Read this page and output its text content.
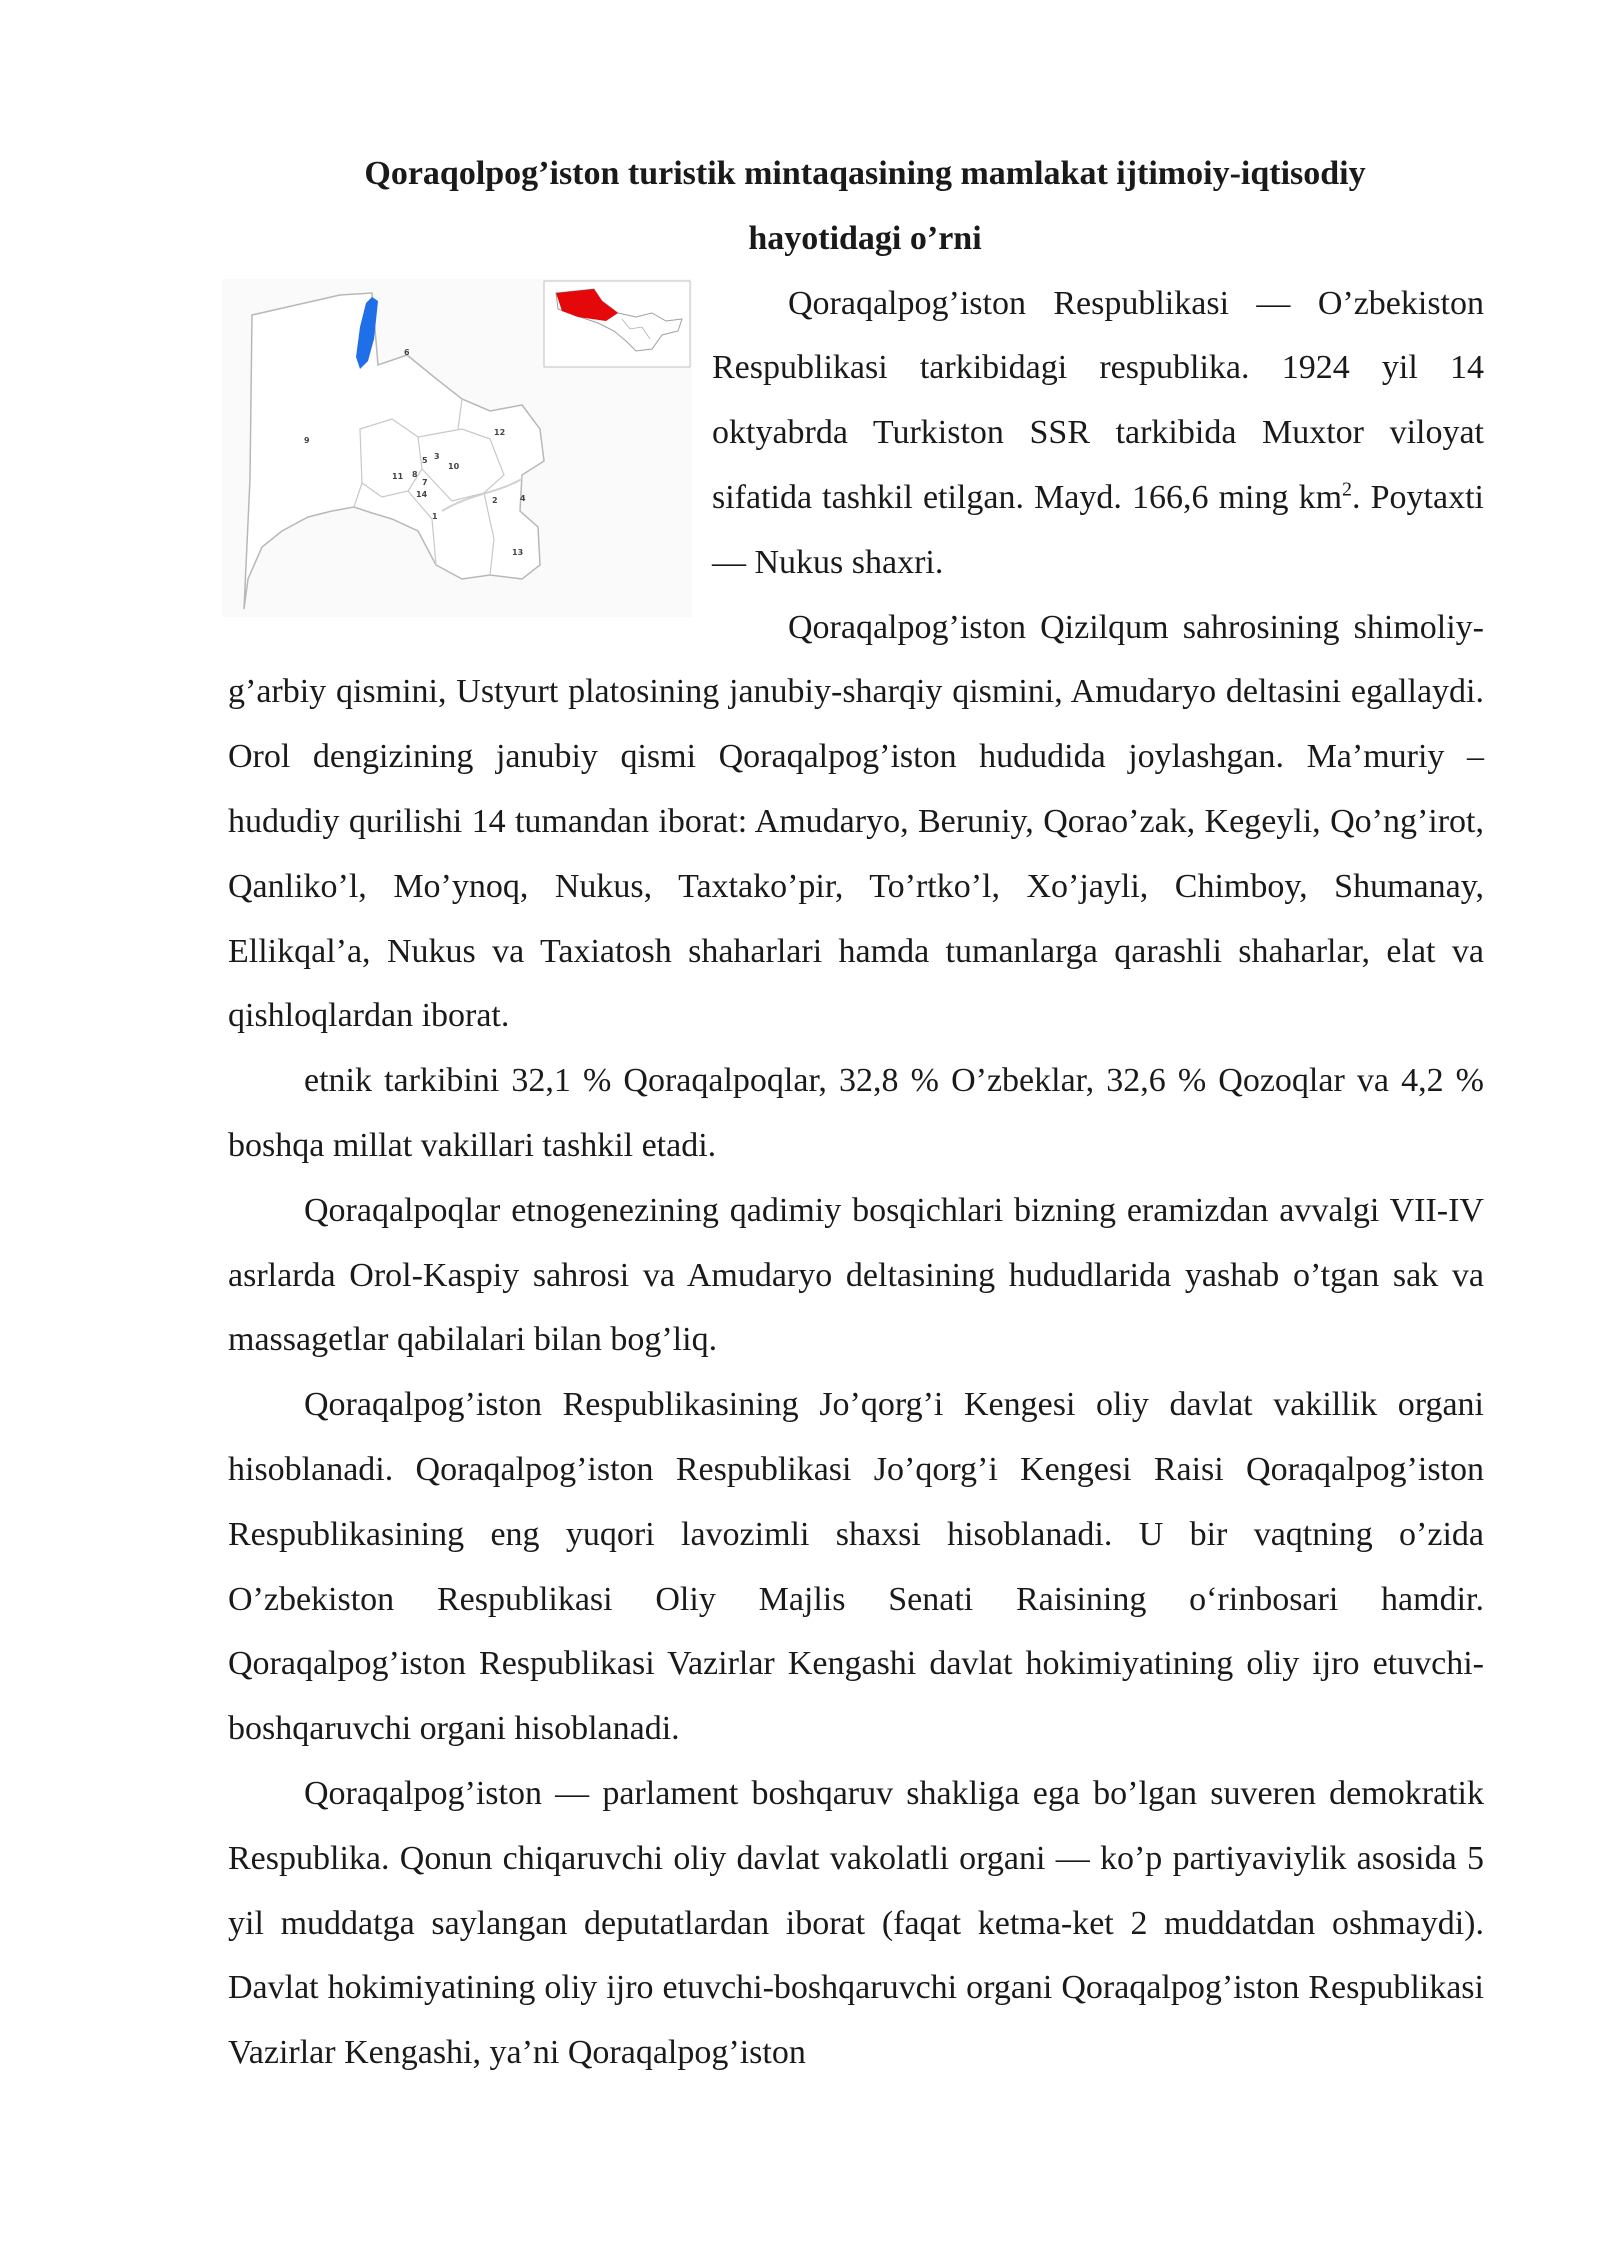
Qoraqolpog’iston turistik mintaqasining mamlakat ijtimoiy-iqtisodiy
hayotidagi o’rni
1
2
3
4
5
6
7
8
9
10
11
12
13
14

Qoraqalpog’iston Respublikasi — O’zbekiston Respublikasi tarkibidagi respublika. 1924 yil 14 oktyabrda Turkiston SSR tarkibida Muxtor viloyat sifatida tashkil etilgan. Mayd. 166,6 ming $km^2$. Poytaxti — Nukus shaxri.

Qoraqalpog’iston Qizilqum sahrosining shimoliy-g’arbiy qismini, Ustyurt platosining janubiy-sharqiy qismini, Amudaryo deltasini egallaydi. Orol dengizining janubiy qismi Qoraqalpog’iston hududida joylashgan. Ma’muriy – hududiy qurilishi 14 tumandan iborat: Amudaryo, Beruniy, Qorao’zak, Kegeyli, Qo’ng’irot, Qanliko’l, Mo’ynoq, Nukus, Taxtako’pir, To’rtko’l, Xo’jayli, Chimboy, Shumanay, Ellikqal’a, Nukus va Taxiatosh shaharlari hamda tumanlarga qarashli shaharlar, elat va qishloqlardan iborat.

etnik tarkibini 32,1 % Qoraqalpoqlar, 32,8 % O’zbeklar, 32,6 % Qozoqlar va 4,2 % boshqa millat vakillari tashkil etadi.

Qoraqalpoqlar etnogenezining qadimiy bosqichlari bizning eramizdan avvalgi VII-IV asrlarda Orol-Kaspiy sahrosi va Amudaryo deltasining hududlarida yashab o’tgan sak va massagetlar qabilalari bilan bog’liq.

Qoraqalpog’iston Respublikasining Jo’qorg’i Kengesi oliy davlat vakillik organi hisoblanadi. Qoraqalpog’iston Respublikasi Jo’qorg’i Kengesi Raisi Qoraqalpog’iston Respublikasining eng yuqori lavozimli shaxsi hisoblanadi. U bir vaqtning o’zida O’zbekiston Respublikasi Oliy Majlis Senati Raisining o‘rinbosari hamdir. Qoraqalpog’iston Respublikasi Vazirlar Kengashi davlat hokimiyatining oliy ijro etuvchi-boshqaruvchi organi hisoblanadi.

Qoraqalpog’iston — parlament boshqaruv shakliga ega bo’lgan suveren demokratik Respublika. Qonun chiqaruvchi oliy davlat vakolatli organi — ko’p partiyaviylik asosida 5 yil muddatga saylangan deputatlardan iborat (faqat ketma-ket 2 muddatdan oshmaydi). Davlat hokimiyatining oliy ijro etuvchi-boshqaruvchi organi Qoraqalpog’iston Respublikasi Vazirlar Kengashi, ya’ni Qoraqalpog’iston
